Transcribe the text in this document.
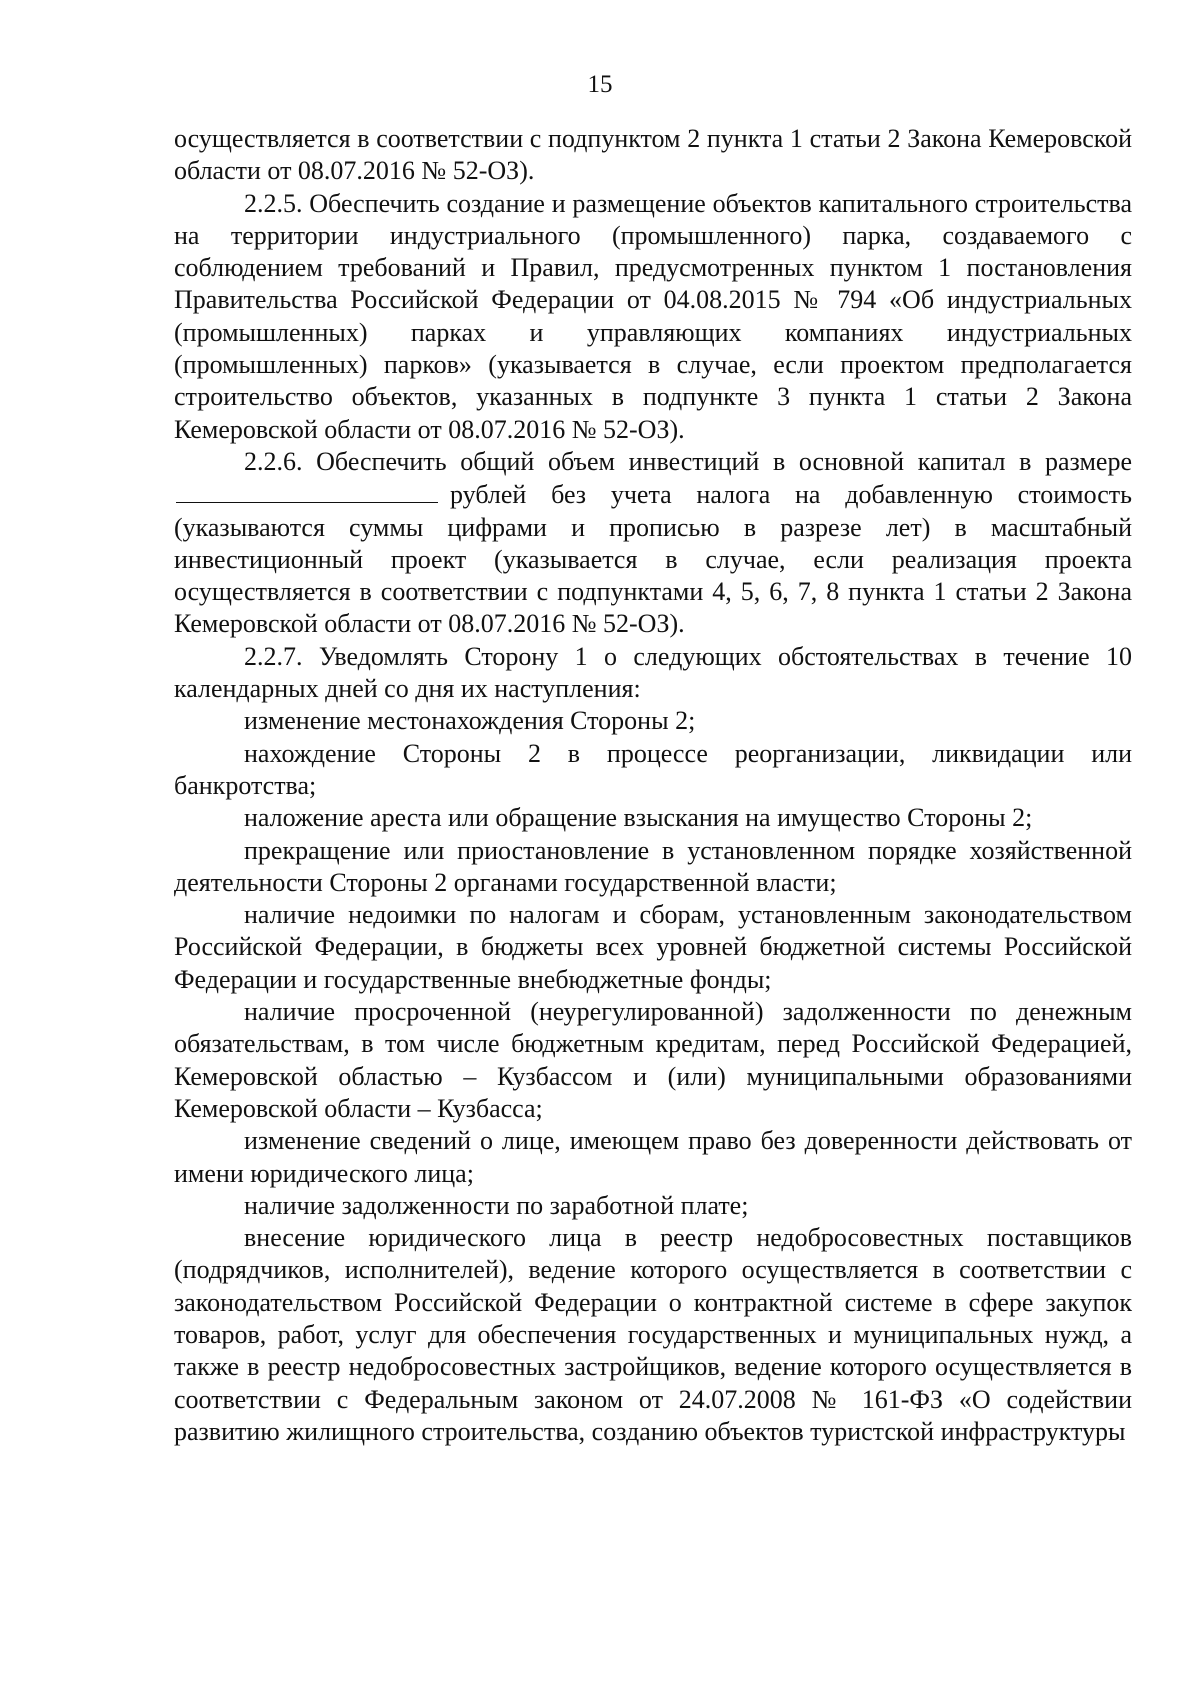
15

осуществляется в соответствии с подпунктом 2 пункта 1 статьи 2 Закона Кемеровской области от 08.07.2016 № 52-ОЗ).

2.2.5. Обеспечить создание и размещение объектов капитального строительства на территории индустриального (промышленного) парка, создаваемого с соблюдением требований и Правил, предусмотренных пунктом 1 постановления Правительства Российской Федерации от 04.08.2015 № 794 «Об индустриальных (промышленных) парках и управляющих компаниях индустриальных (промышленных) парков» (указывается в случае, если проектом предполагается строительство объектов, указанных в подпункте 3 пункта 1 статьи 2 Закона Кемеровской области от 08.07.2016 № 52-ОЗ).

2.2.6. Обеспечить общий объем инвестиций в основной капитал в размерерублей без учета налога на добавленную стоимость (указываются суммы цифрами и прописью в разрезе лет) в масштабный инвестиционный проект (указывается в случае, если реализация проекта осуществляется в соответствии с подпунктами 4, 5, 6, 7, 8 пункта 1 статьи 2 Закона Кемеровской области от 08.07.2016 № 52-ОЗ).

2.2.7. Уведомлять Сторону 1 о следующих обстоятельствах в течение 10 календарных дней со дня их наступления:

изменение местонахождения Стороны 2;

нахождение Стороны 2 в процессе реорганизации, ликвидации или банкротства;

наложение ареста или обращение взыскания на имущество Стороны 2;

прекращение или приостановление в установленном порядке хозяйственной деятельности Стороны 2 органами государственной власти;

наличие недоимки по налогам и сборам, установленным законодательством Российской Федерации, в бюджеты всех уровней бюджетной системы Российской Федерации и государственные внебюджетные фонды;

наличие просроченной (неурегулированной) задолженности по денежным обязательствам, в том числе бюджетным кредитам, перед Российской Федерацией, Кемеровской областью – Кузбассом и (или) муниципальными образованиями Кемеровской области – Кузбасса;

изменение сведений о лице, имеющем право без доверенности действовать от имени юридического лица;

наличие задолженности по заработной плате;

внесение юридического лица в реестр недобросовестных поставщиков (подрядчиков, исполнителей), ведение которого осуществляется в соответствии с законодательством Российской Федерации о контрактной системе в сфере закупок товаров, работ, услуг для обеспечения государственных и муниципальных нужд, а также в реестр недобросовестных застройщиков, ведение которого осуществляется в соответствии с Федеральным законом от 24.07.2008 № 161-ФЗ «О содействии развитию жилищного строительства, созданию объектов туристской инфраструктуры
